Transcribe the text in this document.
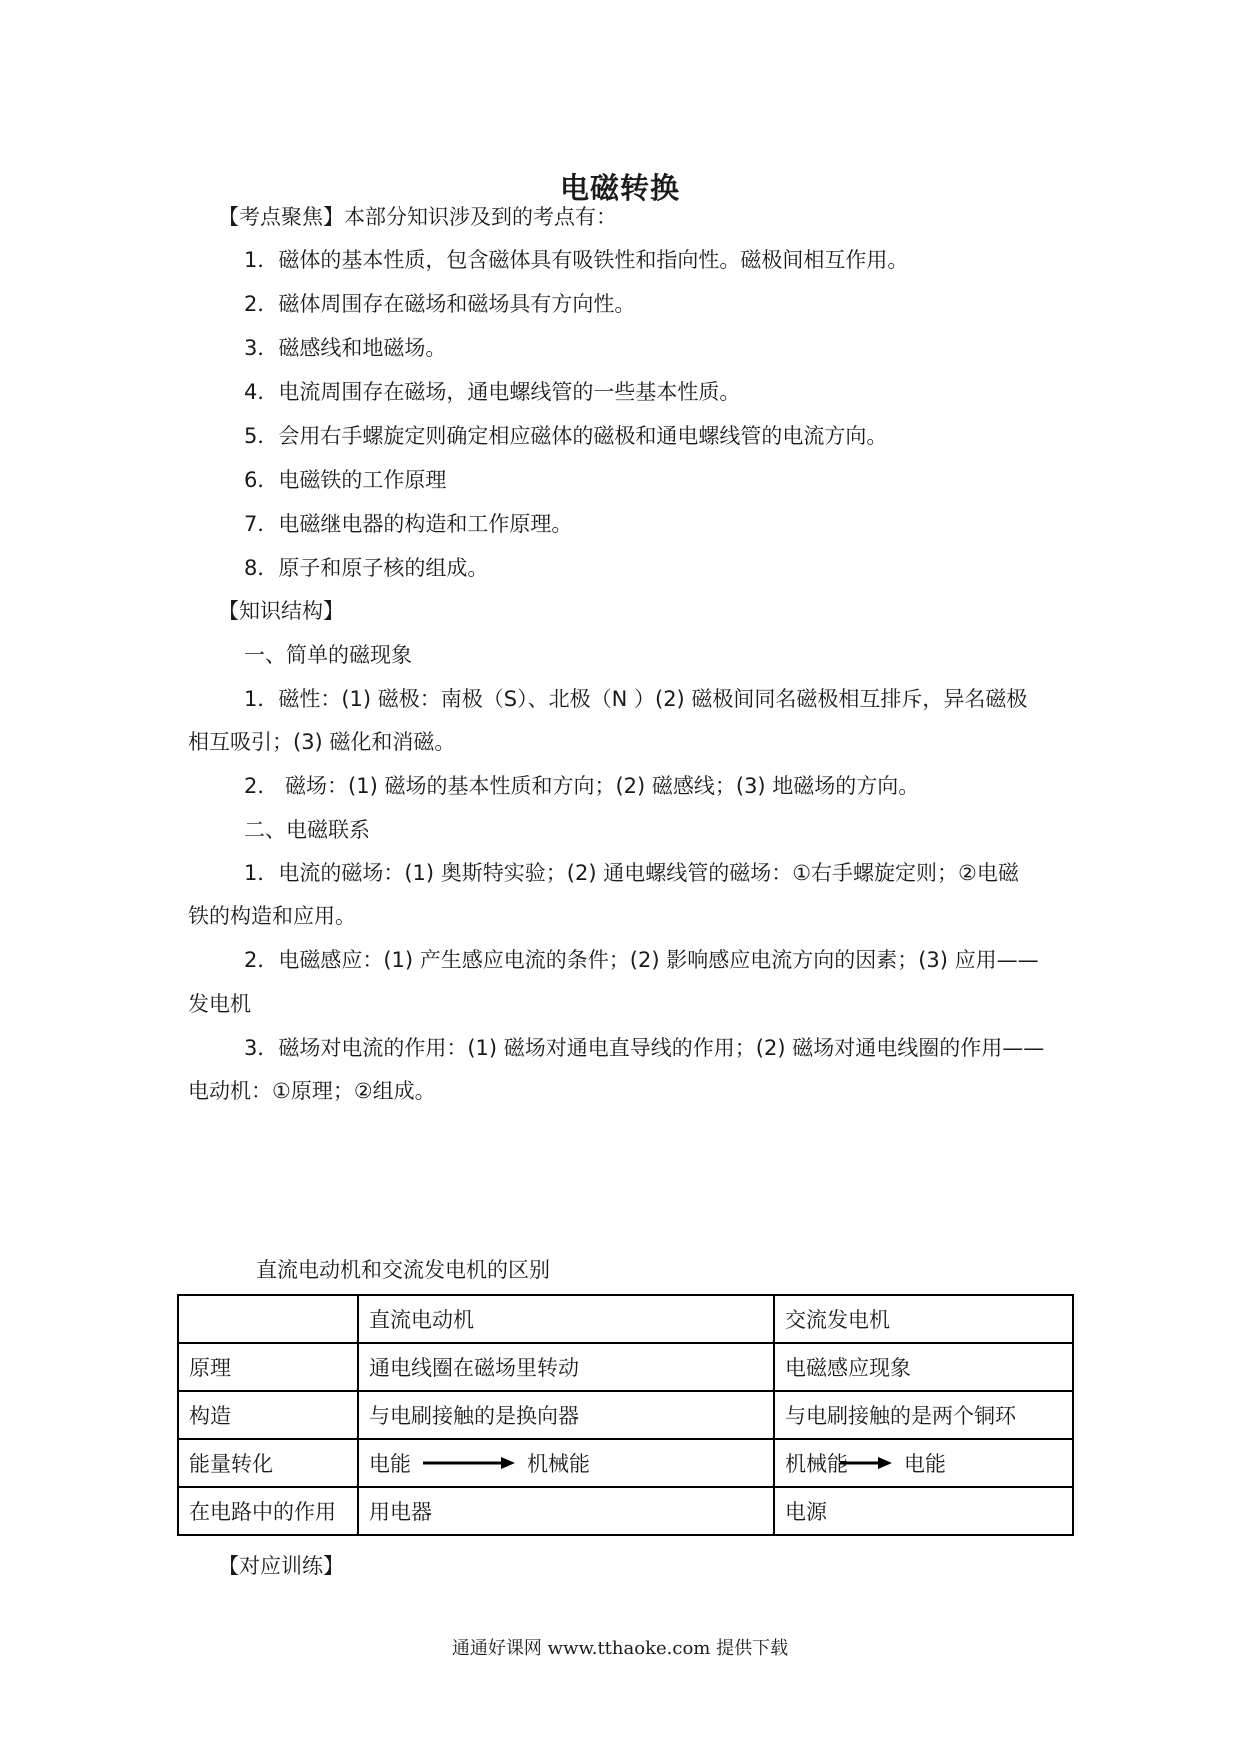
电磁转换
【考点聚焦】本部分知识涉及到的考点有：
1．磁体的基本性质，包含磁体具有吸铁性和指向性。磁极间相互作用。
2．磁体周围存在磁场和磁场具有方向性。
3．磁感线和地磁场。
4．电流周围存在磁场，通电螺线管的一些基本性质。
5．会用右手螺旋定则确定相应磁体的磁极和通电螺线管的电流方向。
6．电磁铁的工作原理
7．电磁继电器的构造和工作原理。
8．原子和原子核的组成。
【知识结构】
一、简单的磁现象
1．磁性：(1) 磁极：南极（S）、北极（N ）(2) 磁极间同名磁极相互排斥，异名磁极
相互吸引；(3) 磁化和消磁。
2． 磁场：(1) 磁场的基本性质和方向；(2) 磁感线；(3) 地磁场的方向。
二、电磁联系
1．电流的磁场：(1) 奥斯特实验；(2) 通电螺线管的磁场：①右手螺旋定则；②电磁
铁的构造和应用。
2．电磁感应：(1) 产生感应电流的条件；(2) 影响感应电流方向的因素；(3) 应用——
发电机
3．磁场对电流的作用：(1) 磁场对通电直导线的作用；(2) 磁场对通电线圈的作用——
电动机：①原理；②组成。
直流电动机和交流发电机的区别
	直流电动机	交流发电机
原理	通电线圈在磁场里转动	电磁感应现象
构造	与电刷接触的是换向器	与电刷接触的是两个铜环
能量转化	电能 机械能	机械能 电能

在电路中的作用	用电器	电源
【对应训练】
通通好课网 www.tthaoke.com 提供下载
